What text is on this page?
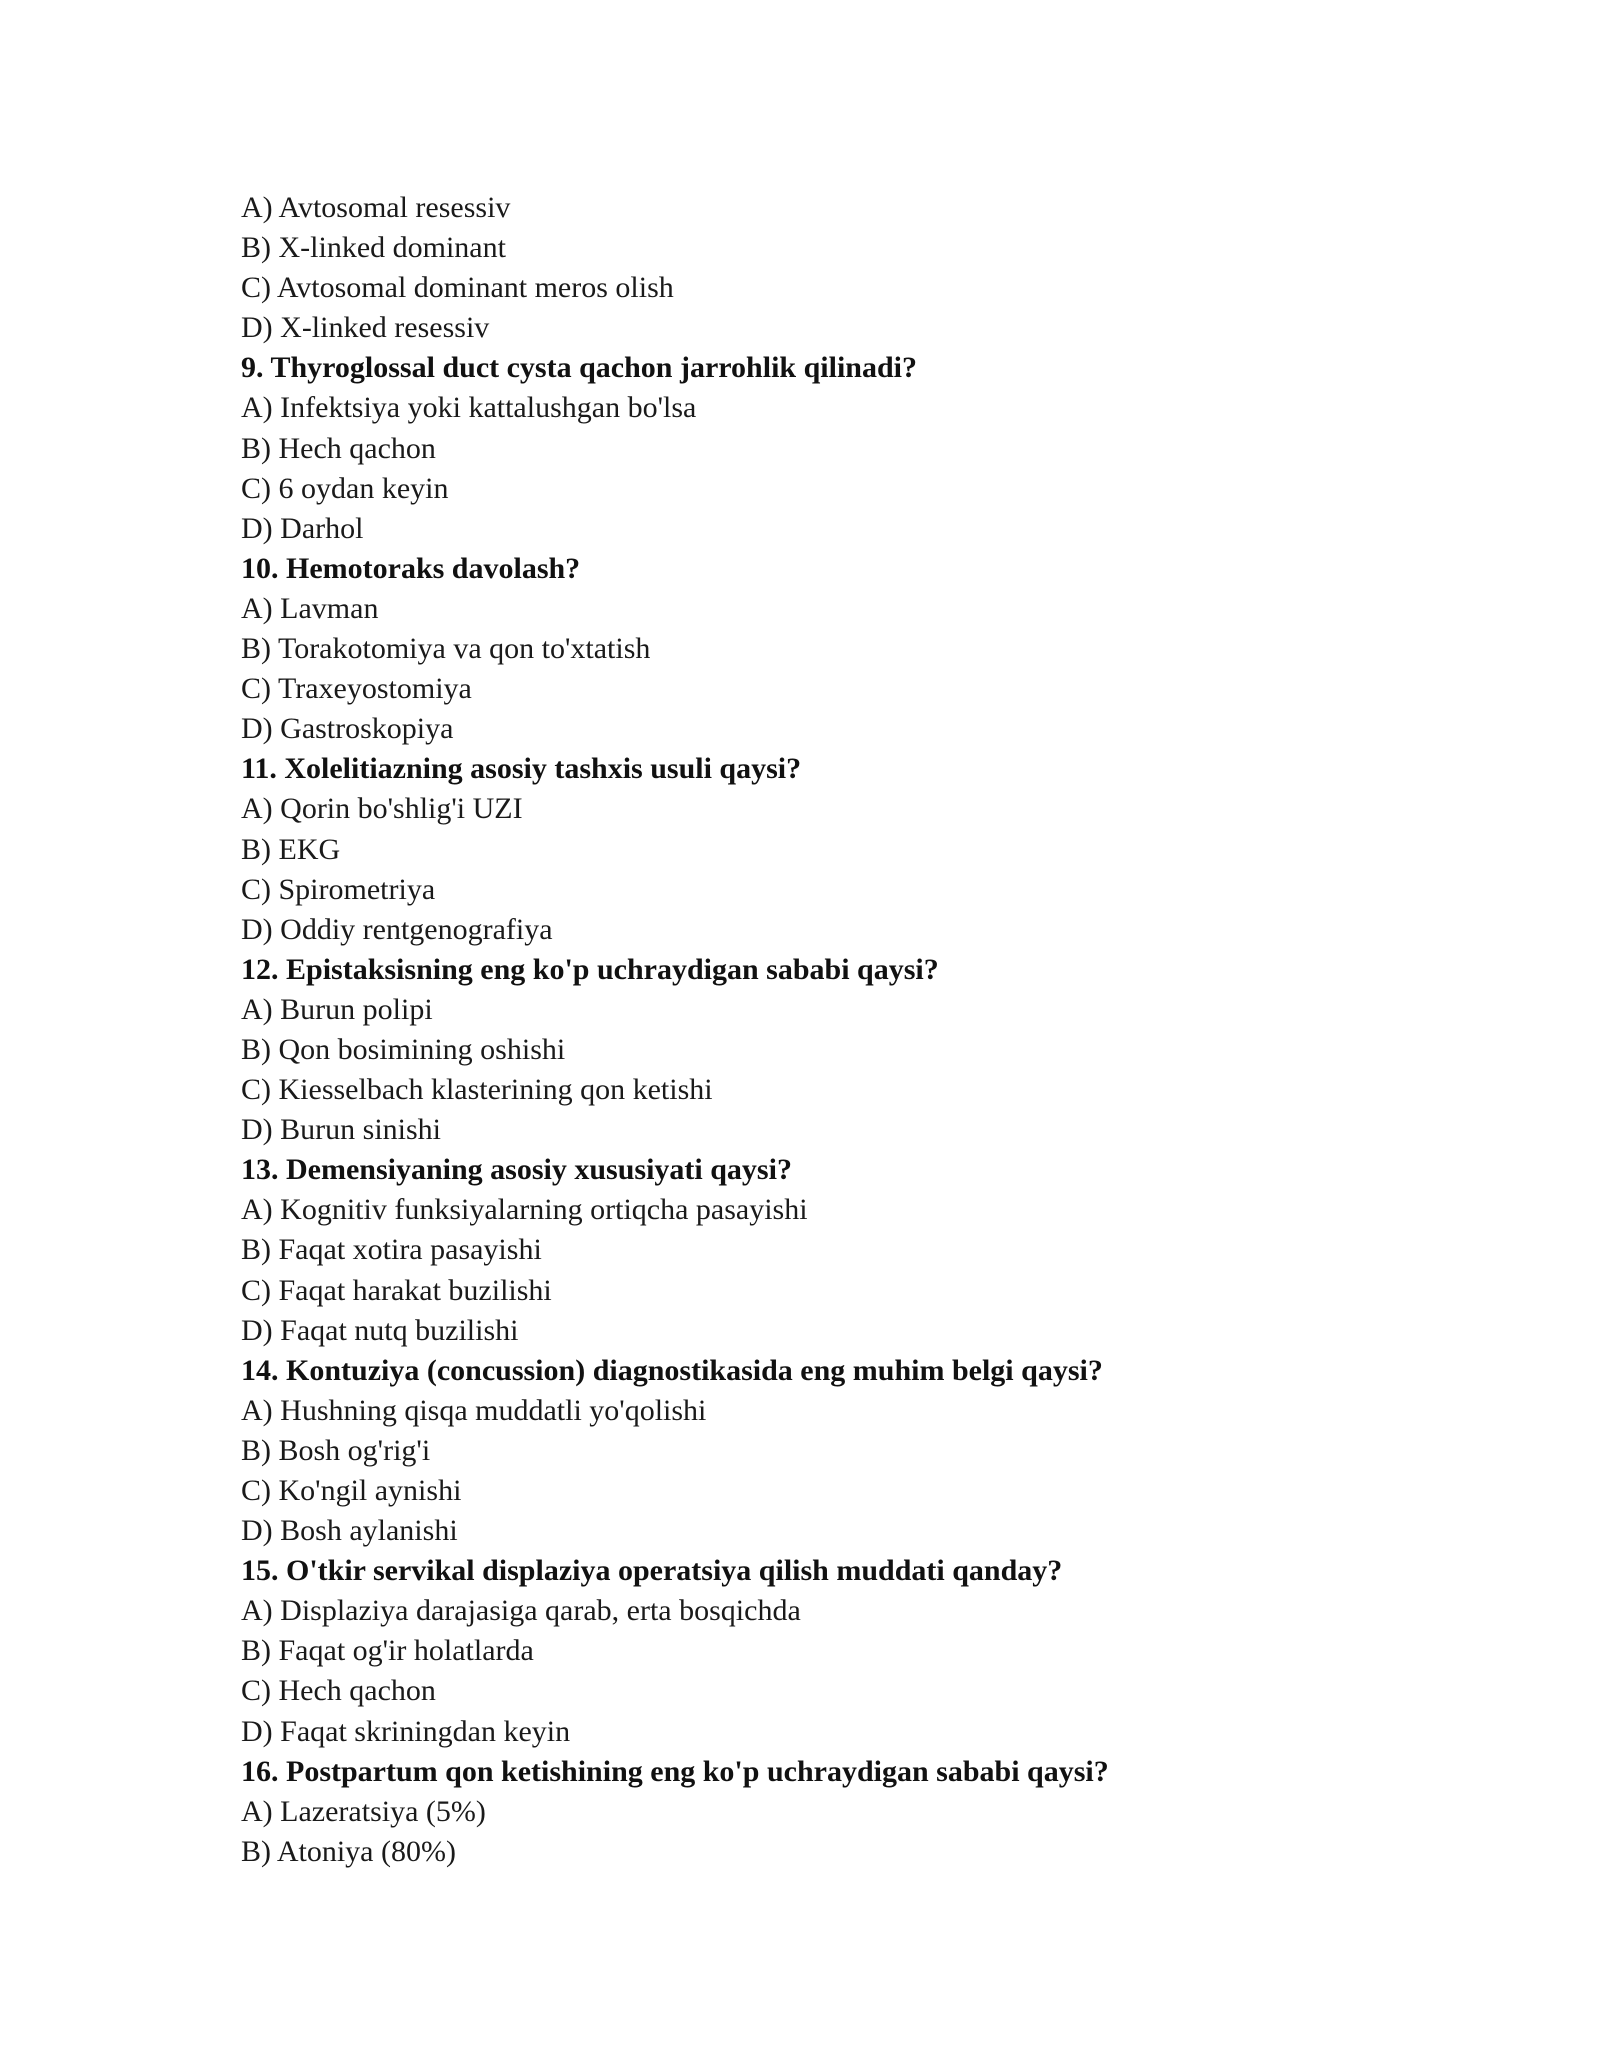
A) Avtosomal resessiv
B) X-linked dominant
C) Avtosomal dominant meros olish
D) X-linked resessiv
9. Thyroglossal duct cysta qachon jarrohlik qilinadi?
A) Infektsiya yoki kattalushgan bo'lsa
B) Hech qachon
C) 6 oydan keyin
D) Darhol
10. Hemotoraks davolash?
A) Lavman
B) Torakotomiya va qon to'xtatish
C) Traxeyostomiya
D) Gastroskopiya
11. Xolelitiazning asosiy tashxis usuli qaysi?
A) Qorin bo'shlig'i UZI
B) EKG
C) Spirometriya
D) Oddiy rentgenografiya
12. Epistaksisning eng ko'p uchraydigan sababi qaysi?
A) Burun polipi
B) Qon bosimining oshishi
C) Kiesselbach klasterining qon ketishi
D) Burun sinishi
13. Demensiyaning asosiy xususiyati qaysi?
A) Kognitiv funksiyalarning ortiqcha pasayishi
B) Faqat xotira pasayishi
C) Faqat harakat buzilishi
D) Faqat nutq buzilishi
14. Kontuziya (concussion) diagnostikasida eng muhim belgi qaysi?
A) Hushning qisqa muddatli yo'qolishi
B) Bosh og'rig'i
C) Ko'ngil aynishi
D) Bosh aylanishi
15. O'tkir servikal displaziya operatsiya qilish muddati qanday?
A) Displaziya darajasiga qarab, erta bosqichda
B) Faqat og'ir holatlarda
C) Hech qachon
D) Faqat skriningdan keyin
16. Postpartum qon ketishining eng ko'p uchraydigan sababi qaysi?
A) Lazeratsiya (5%)
B) Atoniya (80%)
